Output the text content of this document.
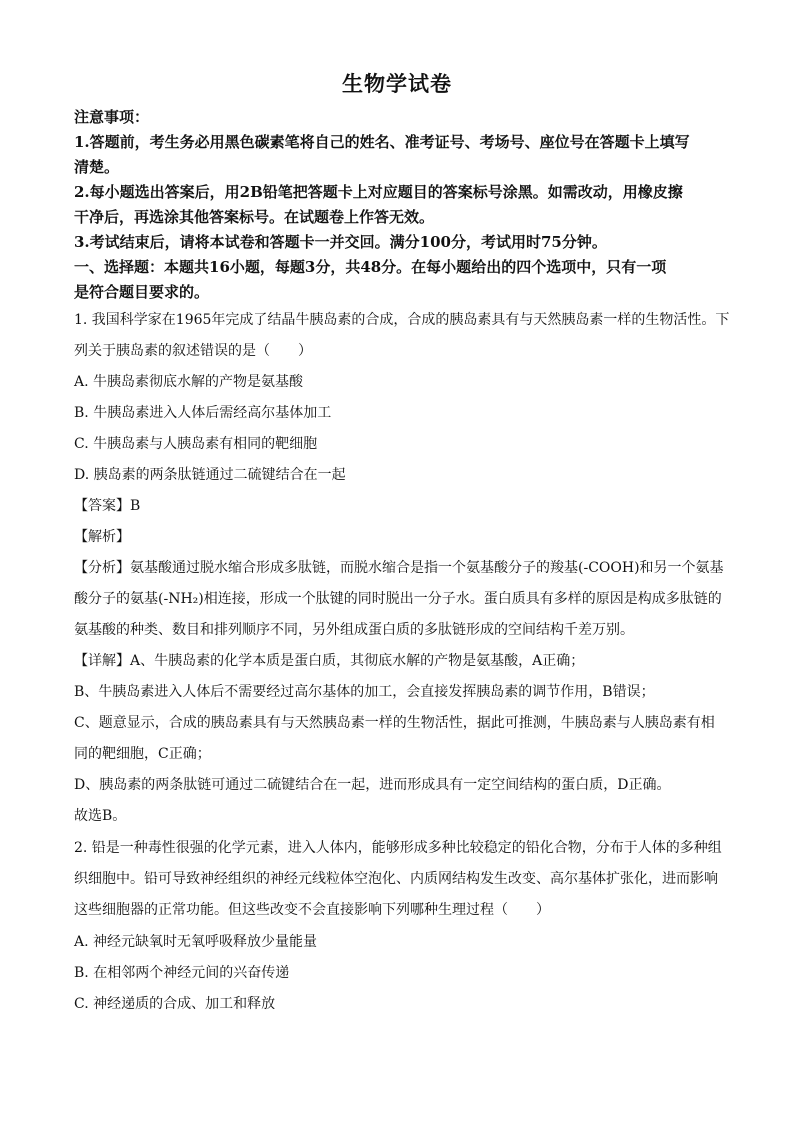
生物学试卷
注意事项：
1.答题前，考生务必用黑色碳素笔将自己的姓名、准考证号、考场号、座位号在答题卡上填写
清楚。
2.每小题选出答案后，用2B铅笔把答题卡上对应题目的答案标号涂黑。如需改动，用橡皮擦
干净后，再选涂其他答案标号。在试题卷上作答无效。
3.考试结束后，请将本试卷和答题卡一并交回。满分100分，考试用时75分钟。
一、选择题：本题共16小题，每题3分，共48分。在每小题给出的四个选项中，只有一项
是符合题目要求的。
1. 我国科学家在1965年完成了结晶牛胰岛素的合成，合成的胰岛素具有与天然胰岛素一样的生物活性。下
列关于胰岛素的叙述错误的是（　　）
A. 牛胰岛素彻底水解的产物是氨基酸
B. 牛胰岛素进入人体后需经高尔基体加工
C. 牛胰岛素与人胰岛素有相同的靶细胞
D. 胰岛素的两条肽链通过二硫键结合在一起
【答案】B
【解析】
【分析】氨基酸通过脱水缩合形成多肽链，而脱水缩合是指一个氨基酸分子的羧基(-COOH)和另一个氨基
酸分子的氨基(-NH₂)相连接，形成一个肽键的同时脱出一分子水。蛋白质具有多样的原因是构成多肽链的
氨基酸的种类、数目和排列顺序不同，另外组成蛋白质的多肽链形成的空间结构千差万别。
【详解】A、牛胰岛素的化学本质是蛋白质，其彻底水解的产物是氨基酸，A正确；
B、牛胰岛素进入人体后不需要经过高尔基体的加工，会直接发挥胰岛素的调节作用，B错误；
C、题意显示，合成的胰岛素具有与天然胰岛素一样的生物活性，据此可推测，牛胰岛素与人胰岛素有相
同的靶细胞，C正确；
D、胰岛素的两条肽链可通过二硫键结合在一起，进而形成具有一定空间结构的蛋白质，D正确。
故选B。
2. 铅是一种毒性很强的化学元素，进入人体内，能够形成多种比较稳定的铅化合物，分布于人体的多种组
织细胞中。铅可导致神经组织的神经元线粒体空泡化、内质网结构发生改变、高尔基体扩张化，进而影响
这些细胞器的正常功能。但这些改变不会直接影响下列哪种生理过程（　　）
A. 神经元缺氧时无氧呼吸释放少量能量
B. 在相邻两个神经元间的兴奋传递
C. 神经递质的合成、加工和释放
